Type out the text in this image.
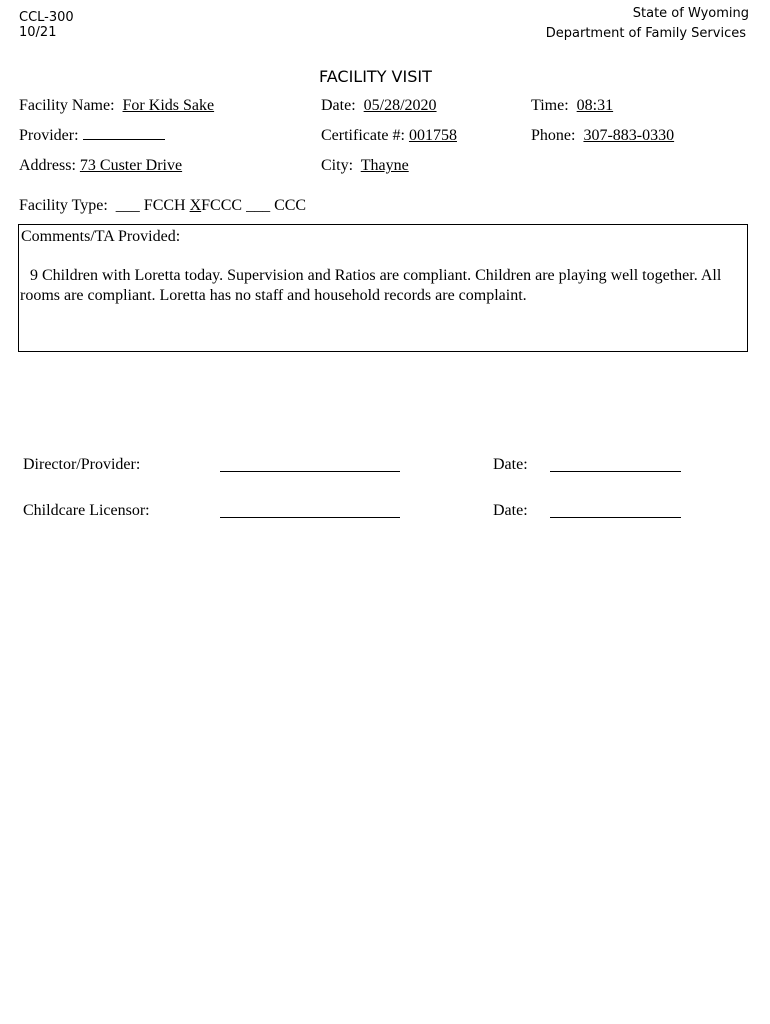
CCL-300
10/21
State of Wyoming
Department of Family Services
FACILITY VISIT
Facility Name: For Kids Sake	Date: 05/28/2020	Time: 08:31
Provider:	Certificate #: 001758	Phone: 307-883-0330
Address: 73 Custer Drive	City: Thayne
Facility Type: ___ FCCH XFCCC ___ CCC
Comments/TA Provided:
9 Children with Loretta today. Supervision and Ratios are compliant. Children are playing well together. All rooms are compliant. Loretta has no staff and household records are complaint.
Director/Provider:	Date:
Childcare Licensor:	Date:
